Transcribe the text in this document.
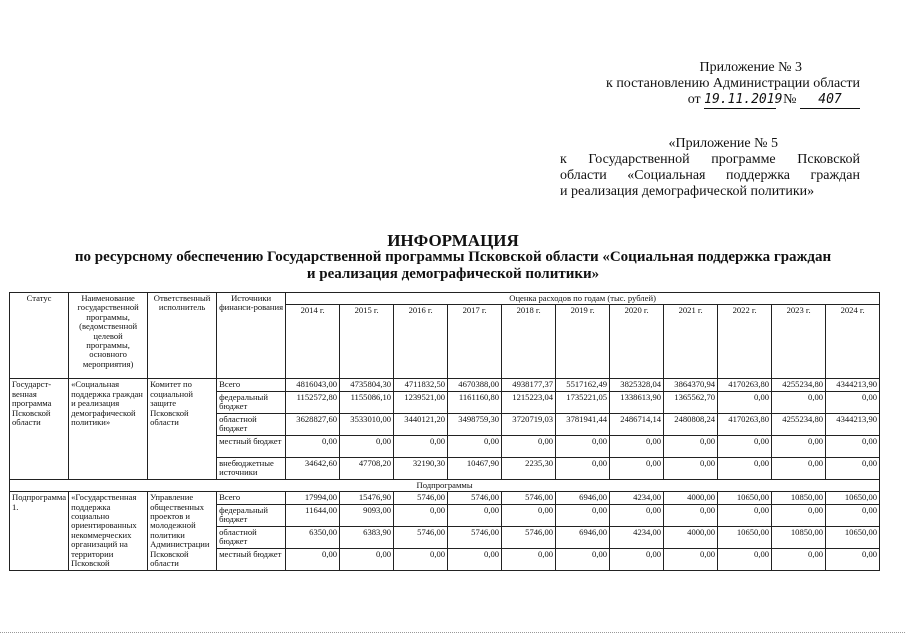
Приложение № 3
к постановлению Администрации области
от 19.11.2019  № 407
«Приложение № 5
к Государственной программе Псковской
области «Социальная поддержка граждан
и реализация демографической политики»
ИНФОРМАЦИЯ
по ресурсному обеспечению Государственной программы Псковской области «Социальная поддержка граждан
и реализация демографической политики»
Статус	Наименование государственной программы, (ведомственной целевой программы, основного мероприятия)	Ответственный исполнитель	Источники финанси-рования	Оценка расходов по годам (тыс. рублей)										
				2014 г.	2015 г.	2016 г.	2017 г.	2018 г.	2019 г.	2020 г.	2021 г.	2022 г.	2023 г.	2024 г.
Государст-венная программа Псковской области	«Социальная поддержка граждан и реализация демографической политики»	Комитет по социальной защите Псковской области	Всего	4816043,00	4735804,30	4711832,50	4670388,00	4938177,37	5517162,49	3825328,04	3864370,94	4170263,80	4255234,80	4344213,90
			федеральный бюджет	1152572,80	1155086,10	1239521,00	1161160,80	1215223,04	1735221,05	1338613,90	1365562,70	0,00	0,00	0,00
			областной бюджет	3628827,60	3533010,00	3440121,20	3498759,30	3720719,03	3781941,44	2486714,14	2480808,24	4170263,80	4255234,80	4344213,90
			местный бюджет	0,00	0,00	0,00	0,00	0,00	0,00	0,00	0,00	0,00	0,00	0,00
			внебюджетные источники	34642,60	47708,20	32190,30	10467,90	2235,30	0,00	0,00	0,00	0,00	0,00	0,00
Подпрограммы														
Подпрограмма 1.	«Государственная поддержка социально ориентированных некоммерческих организаций на территории Псковской	Управление общественных проектов и молодежной политики Администрации Псковской области	Всего	17994,00	15476,90	5746,00	5746,00	5746,00	6946,00	4234,00	4000,00	10650,00	10850,00	10650,00
			федеральный бюджет	11644,00	9093,00	0,00	0,00	0,00	0,00	0,00	0,00	0,00	0,00	0,00
			областной бюджет	6350,00	6383,90	5746,00	5746,00	5746,00	6946,00	4234,00	4000,00	10650,00	10850,00	10650,00
			местный бюджет	0,00	0,00	0,00	0,00	0,00	0,00	0,00	0,00	0,00	0,00	0,00
